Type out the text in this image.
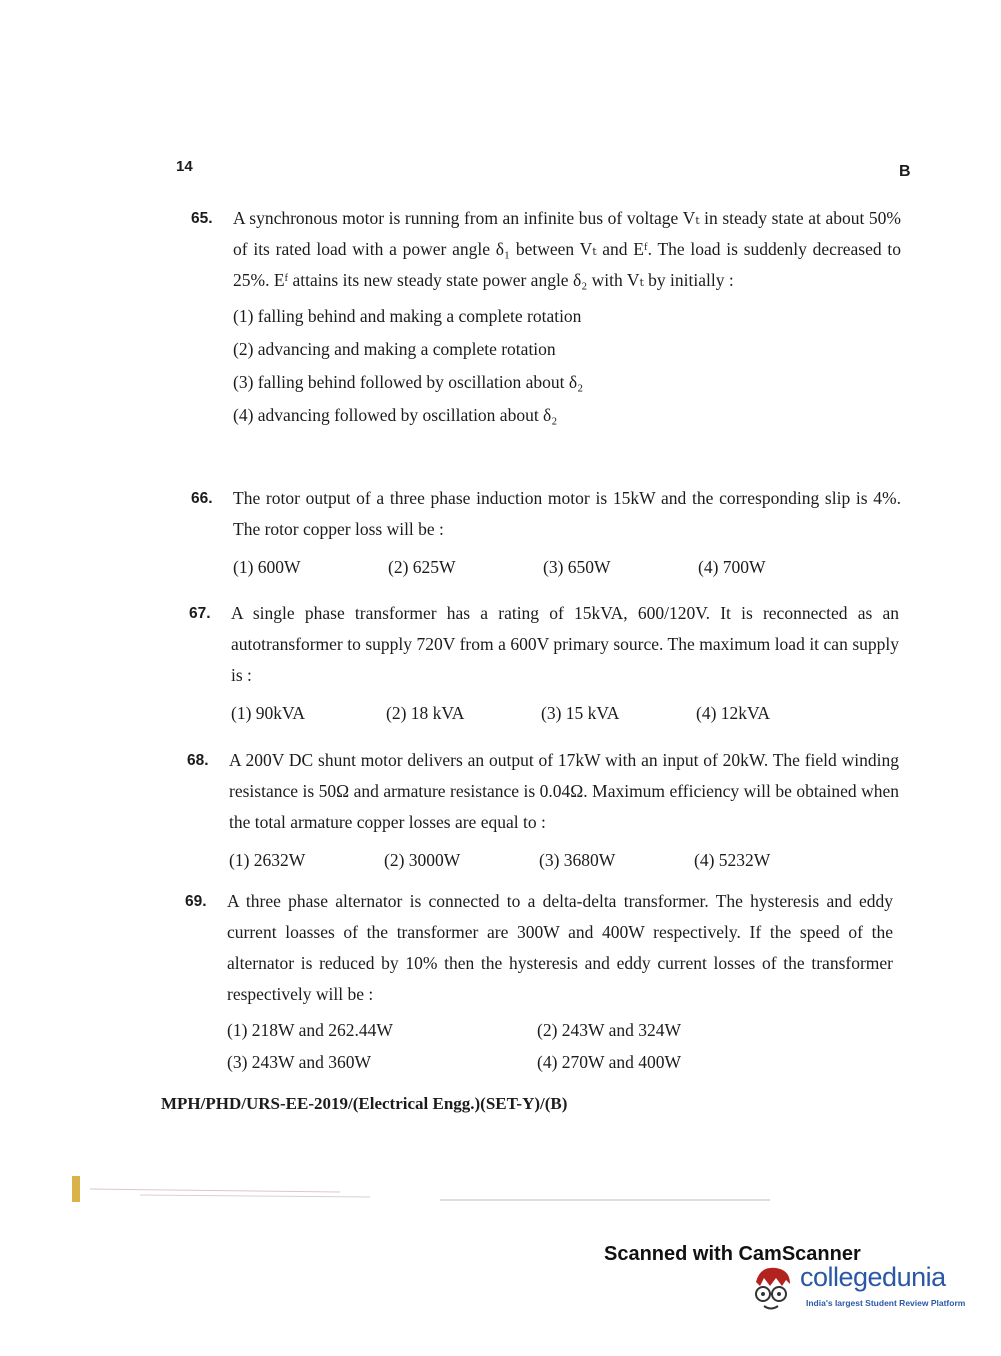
14	B
65. A synchronous motor is running from an infinite bus of voltage Vₜ in steady state at about 50% of its rated load with a power angle δ₁ between Vₜ and Eᶠ. The load is suddenly decreased to 25%. Eᶠ attains its new steady state power angle δ₂ with Vₜ by initially :
(1) falling behind and making a complete rotation
(2) advancing and making a complete rotation
(3) falling behind followed by oscillation about δ₂
(4) advancing followed by oscillation about δ₂
66. The rotor output of a three phase induction motor is 15kW and the corresponding slip is 4%. The rotor copper loss will be :
(1) 600W	(2) 625W	(3) 650W	(4) 700W
67. A single phase transformer has a rating of 15kVA, 600/120V. It is reconnected as an autotransformer to supply 720V from a 600V primary source. The maximum load it can supply is :
(1) 90kVA	(2) 18 kVA	(3) 15 kVA	(4) 12kVA
68. A 200V DC shunt motor delivers an output of 17kW with an input of 20kW. The field winding resistance is 50Ω and armature resistance is 0.04Ω. Maximum efficiency will be obtained when the total armature copper losses are equal to :
(1) 2632W	(2) 3000W	(3) 3680W	(4) 5232W
69. A three phase alternator is connected to a delta-delta transformer. The hysteresis and eddy current loasses of the transformer are 300W and 400W respectively. If the speed of the alternator is reduced by 10% then the hysteresis and eddy current losses of the transformer respectively will be :
(1) 218W and 262.44W	(2) 243W and 324W
(3) 243W and 360W	(4) 270W and 400W
MPH/PHD/URS-EE-2019/(Electrical Engg.)(SET-Y)/(B)
Scanned with CamScanner
collegedunia
India's largest Student Review Platform
